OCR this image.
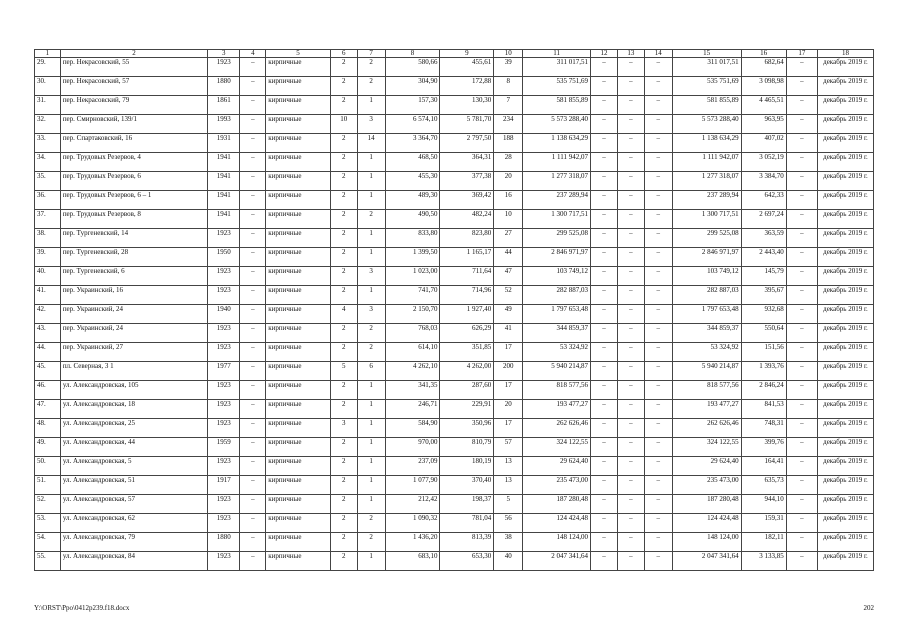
1	2	3	4	5	6	7	8	9	10	11	12	13	14	15	16	17	18
29.	пер. Некрасовский, 55	1923	–	кирпичные	2	2	580,66	455,61	39	311 017,51	–	–	–	311 017,51	682,64	–	декабрь 2019 г.
30.	пер. Некрасовский, 57	1880	–	кирпичные	2	2	304,90	172,88	8	535 751,69	–	–	–	535 751,69	3 098,98	–	декабрь 2019 г.
31.	пер. Некрасовский, 79	1861	–	кирпичные	2	1	157,30	130,30	7	581 855,89	–	–	–	581 855,89	4 465,51	–	декабрь 2019 г.
32.	пер. Смирновский, 139/1	1993	–	кирпичные	10	3	6 574,10	5 781,70	234	5 573 288,40	–	–	–	5 573 288,40	963,95	–	декабрь 2019 г.
33.	пер. Спартаковский, 16	1931	–	кирпичные	2	14	3 364,70	2 797,50	188	1 138 634,29	–	–	–	1 138 634,29	407,02	–	декабрь 2019 г.
34.	пер. Трудовых Резервов, 4	1941	–	кирпичные	2	1	468,50	364,31	28	1 111 942,07	–	–	–	1 111 942,07	3 052,19	–	декабрь 2019 г.
35.	пер. Трудовых Резервов, 6	1941	–	кирпичные	2	1	455,30	377,38	20	1 277 318,07	–	–	–	1 277 318,07	3 384,70	–	декабрь 2019 г.
36.	пер. Трудовых Резервов, 6 – 1	1941	–	кирпичные	2	1	489,30	369,42	16	237 289,94	–	–	–	237 289,94	642,33	–	декабрь 2019 г.
37.	пер. Трудовых Резервов, 8	1941	–	кирпичные	2	2	490,50	482,24	10	1 300 717,51	–	–	–	1 300 717,51	2 697,24	–	декабрь 2019 г.
38.	пер. Тургеневский, 14	1923	–	кирпичные	2	1	833,80	823,80	27	299 525,08	–	–	–	299 525,08	363,59	–	декабрь 2019 г.
39.	пер. Тургеневский, 28	1950	–	кирпичные	2	1	1 399,50	1 165,17	44	2 846 971,97	–	–	–	2 846 971,97	2 443,40	–	декабрь 2019 г.
40.	пер. Тургеневский, 6	1923	–	кирпичные	2	3	1 023,00	711,64	47	103 749,12	–	–	–	103 749,12	145,79	–	декабрь 2019 г.
41.	пер. Украинский, 16	1923	–	кирпичные	2	1	741,70	714,96	52	282 887,03	–	–	–	282 887,03	395,67	–	декабрь 2019 г.
42.	пер. Украинский, 24	1940	–	кирпичные	4	3	2 150,70	1 927,40	49	1 797 653,48	–	–	–	1 797 653,48	932,68	–	декабрь 2019 г.
43.	пер. Украинский, 24	1923	–	кирпичные	2	2	768,03	626,29	41	344 859,37	–	–	–	344 859,37	550,64	–	декабрь 2019 г.
44.	пер. Украинский, 27	1923	–	кирпичные	2	2	614,10	351,85	17	53 324,92	–	–	–	53 324,92	151,56	–	декабрь 2019 г.
45.	пл. Северная, 3 1	1977	–	кирпичные	5	6	4 262,10	4 262,00	200	5 940 214,87	–	–	–	5 940 214,87	1 393,76	–	декабрь 2019 г.
46.	ул. Александровская, 105	1923	–	кирпичные	2	1	341,35	287,60	17	818 577,56	–	–	–	818 577,56	2 846,24	–	декабрь 2019 г.
47.	ул. Александровская, 18	1923	–	кирпичные	2	1	246,71	229,91	20	193 477,27	–	–	–	193 477,27	841,53	–	декабрь 2019 г.
48.	ул. Александровская, 25	1923	–	кирпичные	3	1	584,90	350,96	17	262 626,46	–	–	–	262 626,46	748,31	–	декабрь 2019 г.
49.	ул. Александровская, 44	1959	–	кирпичные	2	1	970,00	810,79	57	324 122,55	–	–	–	324 122,55	399,76	–	декабрь 2019 г.
50.	ул. Александровская, 5	1923	–	кирпичные	2	1	237,09	180,19	13	29 624,40	–	–	–	29 624,40	164,41	–	декабрь 2019 г.
51.	ул. Александровская, 51	1917	–	кирпичные	2	1	1 077,90	370,40	13	235 473,00	–	–	–	235 473,00	635,73	–	декабрь 2019 г.
52.	ул. Александровская, 57	1923	–	кирпичные	2	1	212,42	198,37	5	187 280,48	–	–	–	187 280,48	944,10	–	декабрь 2019 г.
53.	ул. Александровская, 62	1923	–	кирпичные	2	2	1 090,32	781,04	56	124 424,48	–	–	–	124 424,48	159,31	–	декабрь 2019 г.
54.	ул. Александровская, 79	1880	–	кирпичные	2	2	1 436,20	813,39	38	148 124,00	–	–	–	148 124,00	182,11	–	декабрь 2019 г.
55.	ул. Александровская, 84	1923	–	кирпичные	2	1	683,10	653,30	40	2 047 341,64	–	–	–	2 047 341,64	3 133,85	–	декабрь 2019 г.
Y:\ORST\Ppo\0412p239.f18.docx	202
